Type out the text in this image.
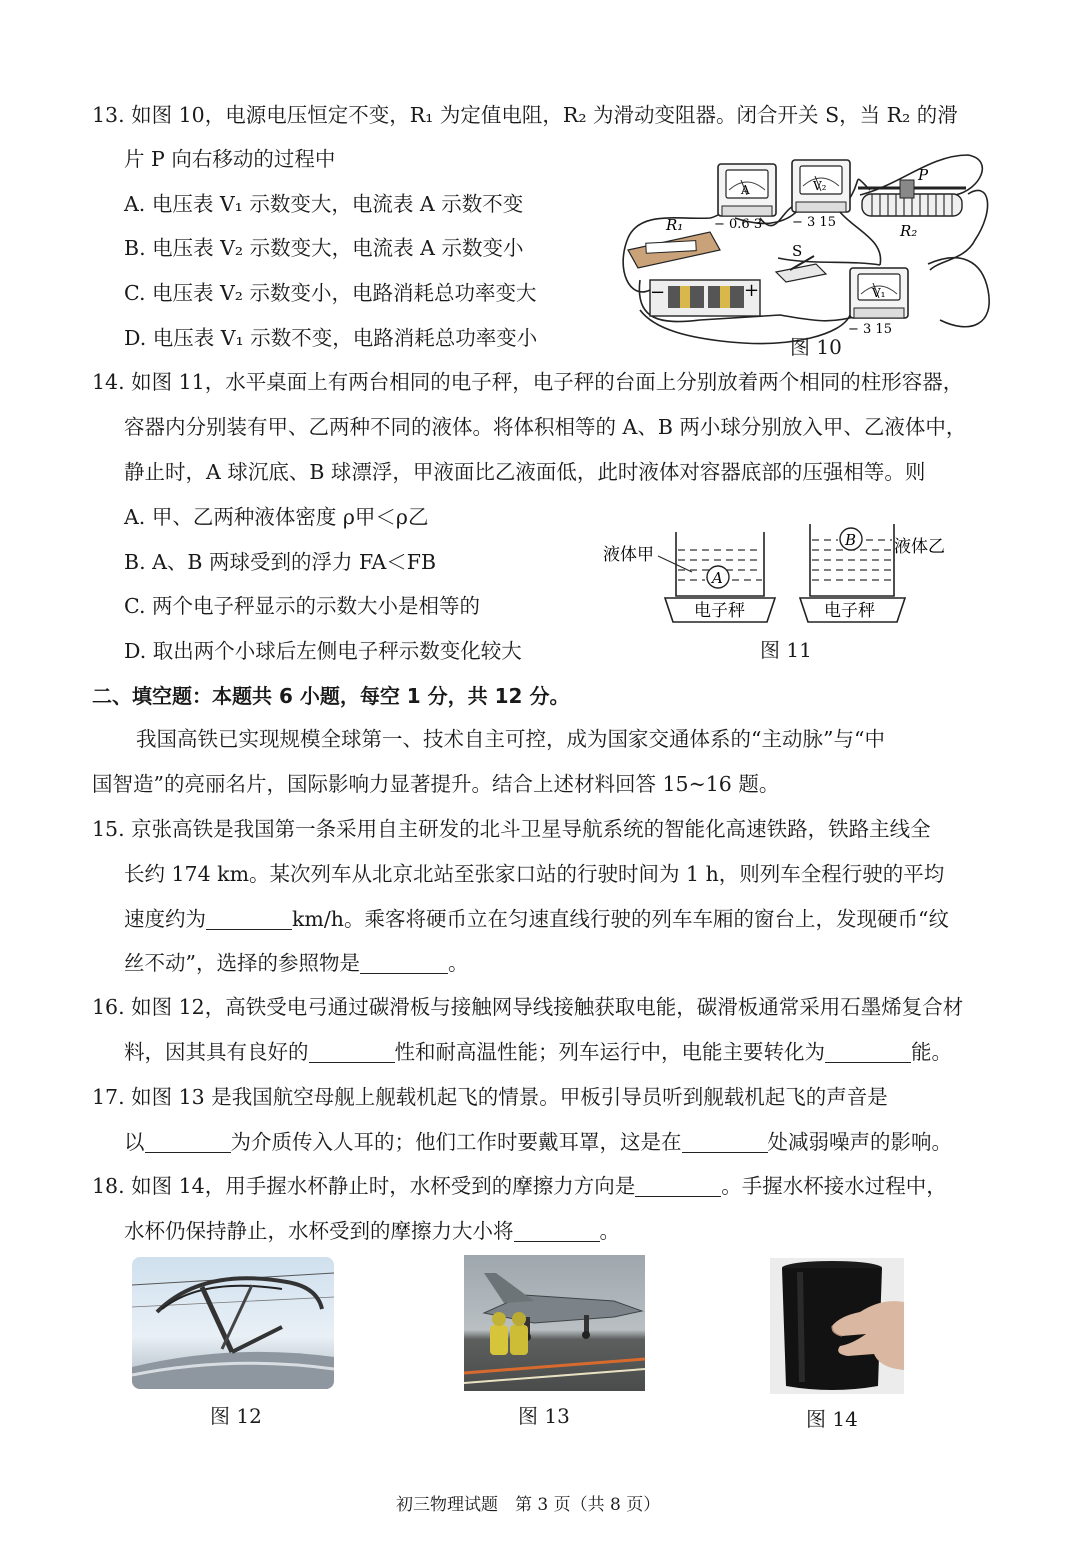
13. 如图 10，电源电压恒定不变，R₁ 为定值电阻，R₂ 为滑动变阻器。闭合开关 S，当 R₂ 的滑
片 P 向右移动的过程中
A. 电压表 V₁ 示数变大，电流表 A 示数不变
B. 电压表 V₂ 示数变大，电流表 A 示数变小
C. 电压表 V₂ 示数变小，电路消耗总功率变大
D. 电压表 V₁ 示数不变，电路消耗总功率变小
A
− 0.6 3
V₂
− 3 15
P
R₂
R₁
S
−	+	V₁
− 3 15
图 10
14. 如图 11，水平桌面上有两台相同的电子秤，电子秤的台面上分别放着两个相同的柱形容器，
容器内分别装有甲、乙两种不同的液体。将体积相等的 A、B 两小球分别放入甲、乙液体中，
静止时，A 球沉底、B 球漂浮，甲液面比乙液面低，此时液体对容器底部的压强相等。则
A. 甲、乙两种液体密度 ρ甲＜ρ乙
B. A、B 两球受到的浮力 FA＜FB
C. 两个电子秤显示的示数大小是相等的
D. 取出两个小球后左侧电子秤示数变化较大
电子秤
A
液体甲
电子秤
B 液体乙
图 11
二、填空题：本题共 6 小题，每空 1 分，共 12 分。
我国高铁已实现规模全球第一、技术自主可控，成为国家交通体系的“主动脉”与“中
国智造”的亮丽名片，国际影响力显著提升。结合上述材料回答 15~16 题。
15. 京张高铁是我国第一条采用自主研发的北斗卫星导航系统的智能化高速铁路，铁路主线全
长约 174 km。某次列车从北京北站至张家口站的行驶时间为 1 h，则列车全程行驶的平均
速度约为	km/h。乘客将硬币立在匀速直线行驶的列车车厢的窗台上，发现硬币“纹
丝不动”，选择的参照物是	。
16. 如图 12，高铁受电弓通过碳滑板与接触网导线接触获取电能，碳滑板通常采用石墨烯复合材
料，因其具有良好的	性和耐高温性能；列车运行中，电能主要转化为	能。
17. 如图 13 是我国航空母舰上舰载机起飞的情景。甲板引导员听到舰载机起飞的声音是
以	为介质传入人耳的；他们工作时要戴耳罩，这是在	处减弱噪声的影响。
18. 如图 14，用手握水杯静止时，水杯受到的摩擦力方向是	。手握水杯接水过程中，
水杯仍保持静止，水杯受到的摩擦力大小将	。
图 12	图 13	图 14
初三物理试题　第 3 页（共 8 页）
